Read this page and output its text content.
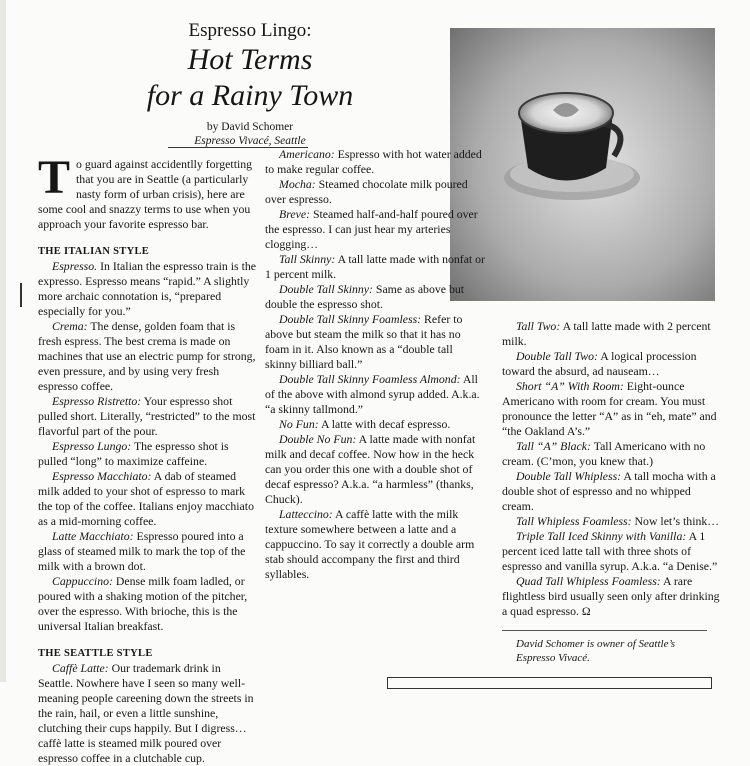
Espresso Lingo:
Hot Terms
for a Rainy Town
by David Schomer
Espresso Vivacé, Seattle

To guard against accidentlly forgetting that you are in Seattle (a particularly nasty form of urban crisis), here are some cool and snazzy terms to use when you approach your favorite espresso bar.

THE ITALIAN STYLE

Espresso. In Italian the espresso train is the expresso. Espresso means “rapid.” A slightly more archaic connotation is, “prepared especially for you.”

Crema: The dense, golden foam that is fresh espress. The best crema is made on machines that use an electric pump for strong, even pressure, and by using very fresh espresso coffee.

Espresso Ristretto: Your espresso shot pulled short. Literally, “restricted” to the most flavorful part of the pour.

Espresso Lungo: The espresso shot is pulled “long” to maximize caffeine.

Espresso Macchiato: A dab of steamed milk added to your shot of espresso to mark the top of the coffee. Italians enjoy macchiato as a mid-morning coffee.

Latte Macchiato: Espresso poured into a glass of steamed milk to mark the top of the milk with a brown dot.

Cappuccino: Dense milk foam ladled, or poured with a shaking motion of the pitcher, over the espresso. With brioche, this is the universal Italian breakfast.

THE SEATTLE STYLE

Caffè Latte: Our trademark drink in Seattle. Nowhere have I seen so many well-meaning people careening down the streets in the rain, hail, or even a little sunshine, clutching their cups happily. But I digress… caffè latte is steamed milk poured over espresso coffee in a clutchable cup.

Americano: Espresso with hot water added to make regular coffee.

Mocha: Steamed chocolate milk poured over espresso.

Breve: Steamed half-and-half poured over the espresso. I can just hear my arteries clogging…

Tall Skinny: A tall latte made with nonfat or 1 percent milk.

Double Tall Skinny: Same as above but double the espresso shot.

Double Tall Skinny Foamless: Refer to above but steam the milk so that it has no foam in it. Also known as a “double tall skinny billiard ball.”

Double Tall Skinny Foamless Almond: All of the above with almond syrup added. A.k.a. “a skinny tallmond.”

No Fun: A latte with decaf espresso.

Double No Fun: A latte made with nonfat milk and decaf coffee. Now how in the heck can you order this one with a double shot of decaf espresso? A.k.a. “a harmless” (thanks, Chuck).

Latteccino: A caffè latte with the milk texture somewhere between a latte and a cappuccino. To say it correctly a double arm stab should accompany the first and third syllables.

Tall Two: A tall latte made with 2 percent milk.

Double Tall Two: A logical procession toward the absurd, ad nauseam…

Short “A” With Room: Eight-ounce Americano with room for cream. You must pronounce the letter “A” as in “eh, mate” and “the Oakland A’s.”

Tall “A” Black: Tall Americano with no cream. (C’mon, you knew that.)

Double Tall Whipless: A tall mocha with a double shot of espresso and no whipped cream.

Tall Whipless Foamless: Now let’s think…

Triple Tall Iced Skinny with Vanilla: A 1 percent iced latte tall with three shots of espresso and vanilla syrup. A.k.a. “a Denise.”

Quad Tall Whipless Foamless: A rare flightless bird usually seen only after drinking a quad espresso. Ω

David Schomer is owner of Seattle’s Espresso Vivacé.
